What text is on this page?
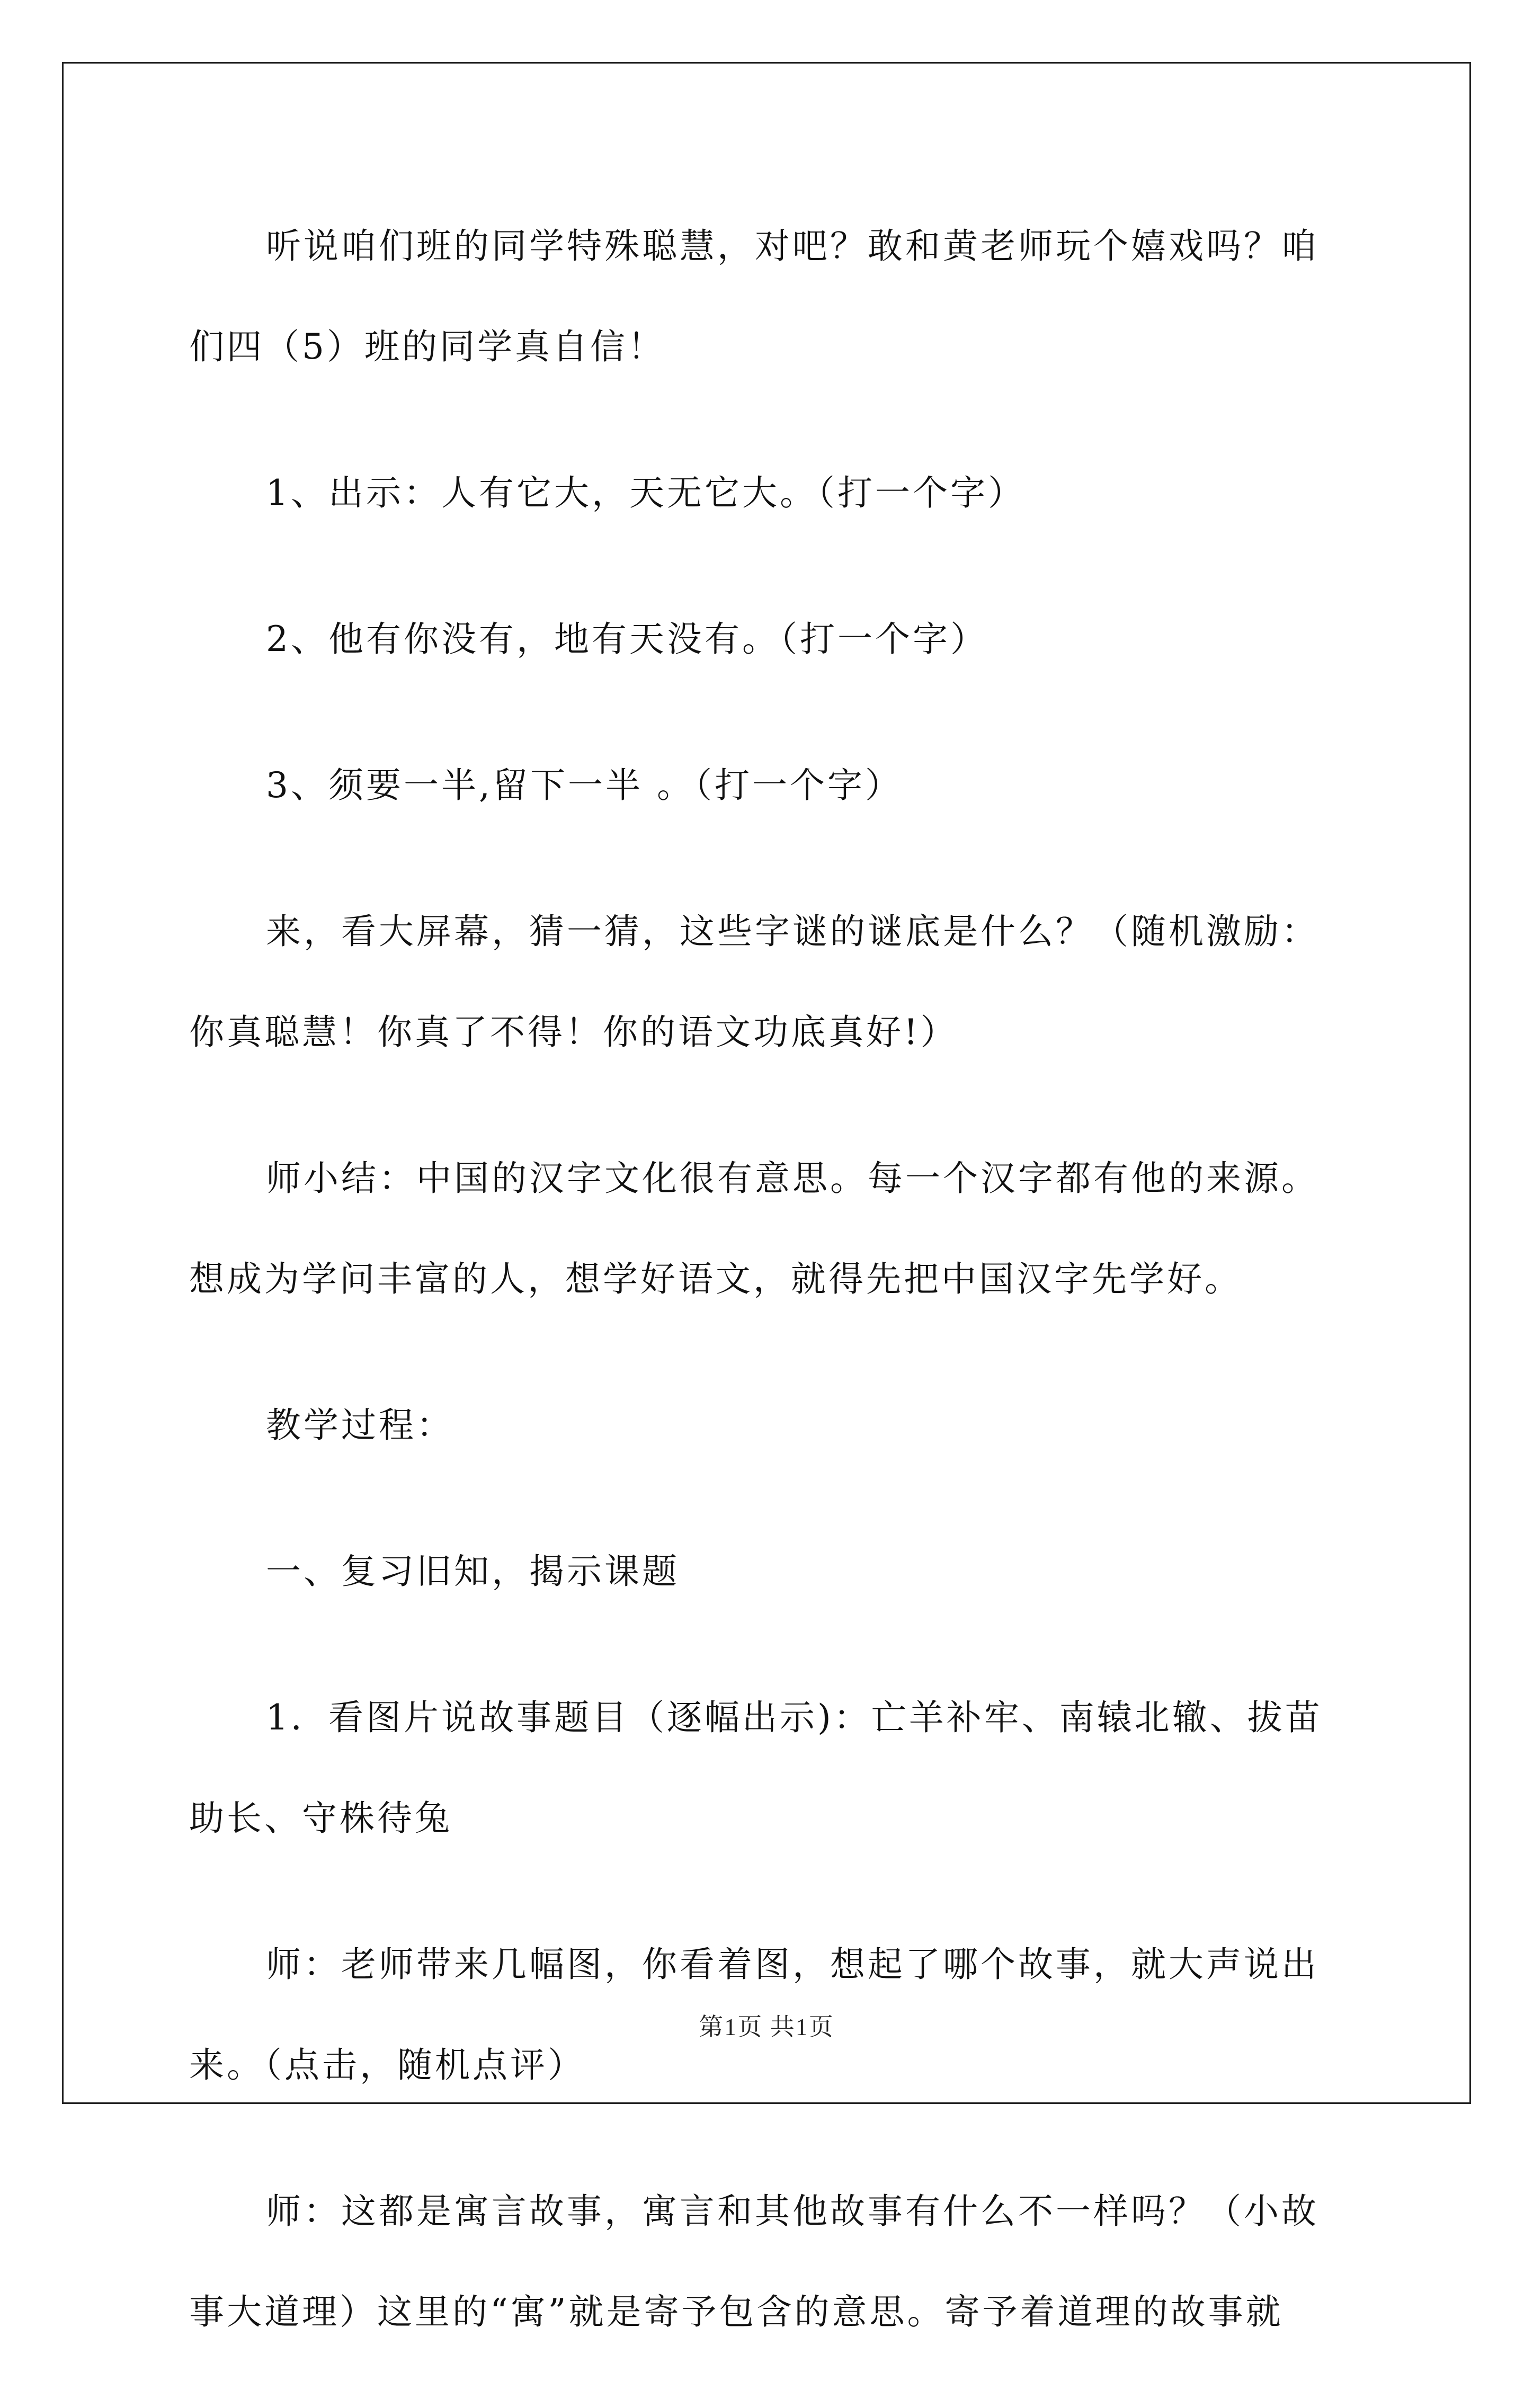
听说咱们班的同学特殊聪慧，对吧？敢和黄老师玩个嬉戏吗？咱们四（5）班的同学真自信！

1、出示：人有它大，天无它大。（打一个字）

2、他有你没有，地有天没有。（打一个字）

3、须要一半,留下一半 。（打一个字）

来，看大屏幕，猜一猜，这些字谜的谜底是什么？（随机激励：你真聪慧！你真了不得！你的语文功底真好!）

师小结：中国的汉字文化很有意思。每一个汉字都有他的来源。想成为学问丰富的人，想学好语文，就得先把中国汉字先学好。

教学过程：

一、复习旧知，揭示课题

1．看图片说故事题目（逐幅出示)：亡羊补牢、南辕北辙、拔苗助长、守株待兔

师：老师带来几幅图，你看着图，想起了哪个故事，就大声说出来。（点击，随机点评）

师：这都是寓言故事，寓言和其他故事有什么不一样吗？（小故事大道理）这里的“寓”就是寄予包含的意思。寄予着道理的故事就

第1页 共1页
